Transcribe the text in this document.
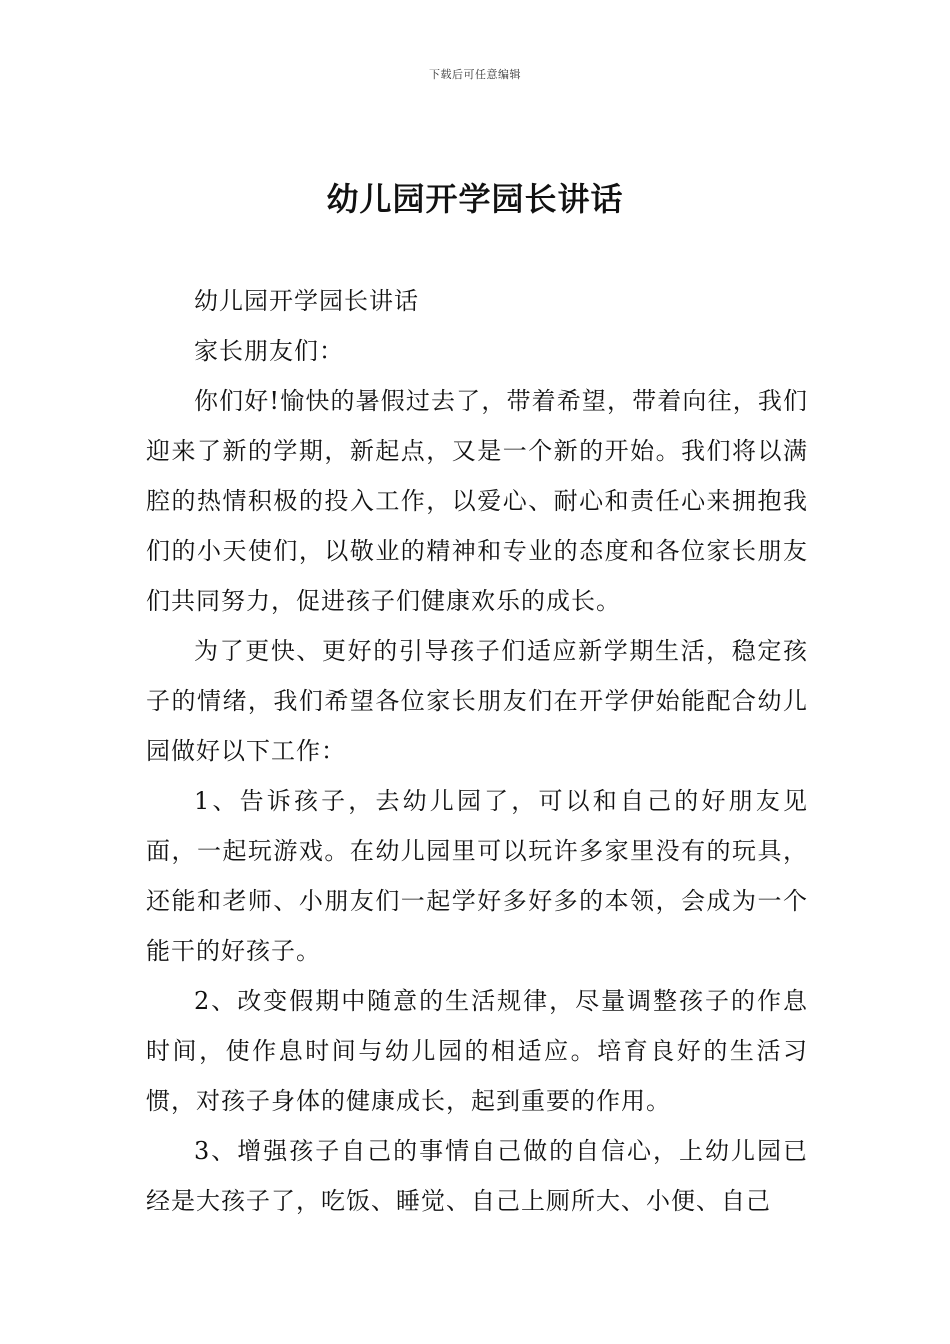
下载后可任意编辑
幼儿园开学园长讲话

幼儿园开学园长讲话

家长朋友们：

你们好!愉快的暑假过去了，带着希望，带着向往，我们迎来了新的学期，新起点，又是一个新的开始。我们将以满腔的热情积极的投入工作，以爱心、耐心和责任心来拥抱我们的小天使们，以敬业的精神和专业的态度和各位家长朋友们共同努力，促进孩子们健康欢乐的成长。

为了更快、更好的引导孩子们适应新学期生活，稳定孩子的情绪，我们希望各位家长朋友们在开学伊始能配合幼儿园做好以下工作：

1、告诉孩子，去幼儿园了，可以和自己的好朋友见面，一起玩游戏。在幼儿园里可以玩许多家里没有的玩具，还能和老师、小朋友们一起学好多好多的本领，会成为一个能干的好孩子。

2、改变假期中随意的生活规律，尽量调整孩子的作息时间，使作息时间与幼儿园的相适应。培育良好的生活习惯，对孩子身体的健康成长，起到重要的作用。

3、增强孩子自己的事情自己做的自信心，上幼儿园已经是大孩子了，吃饭、睡觉、自己上厕所大、小便、自己
